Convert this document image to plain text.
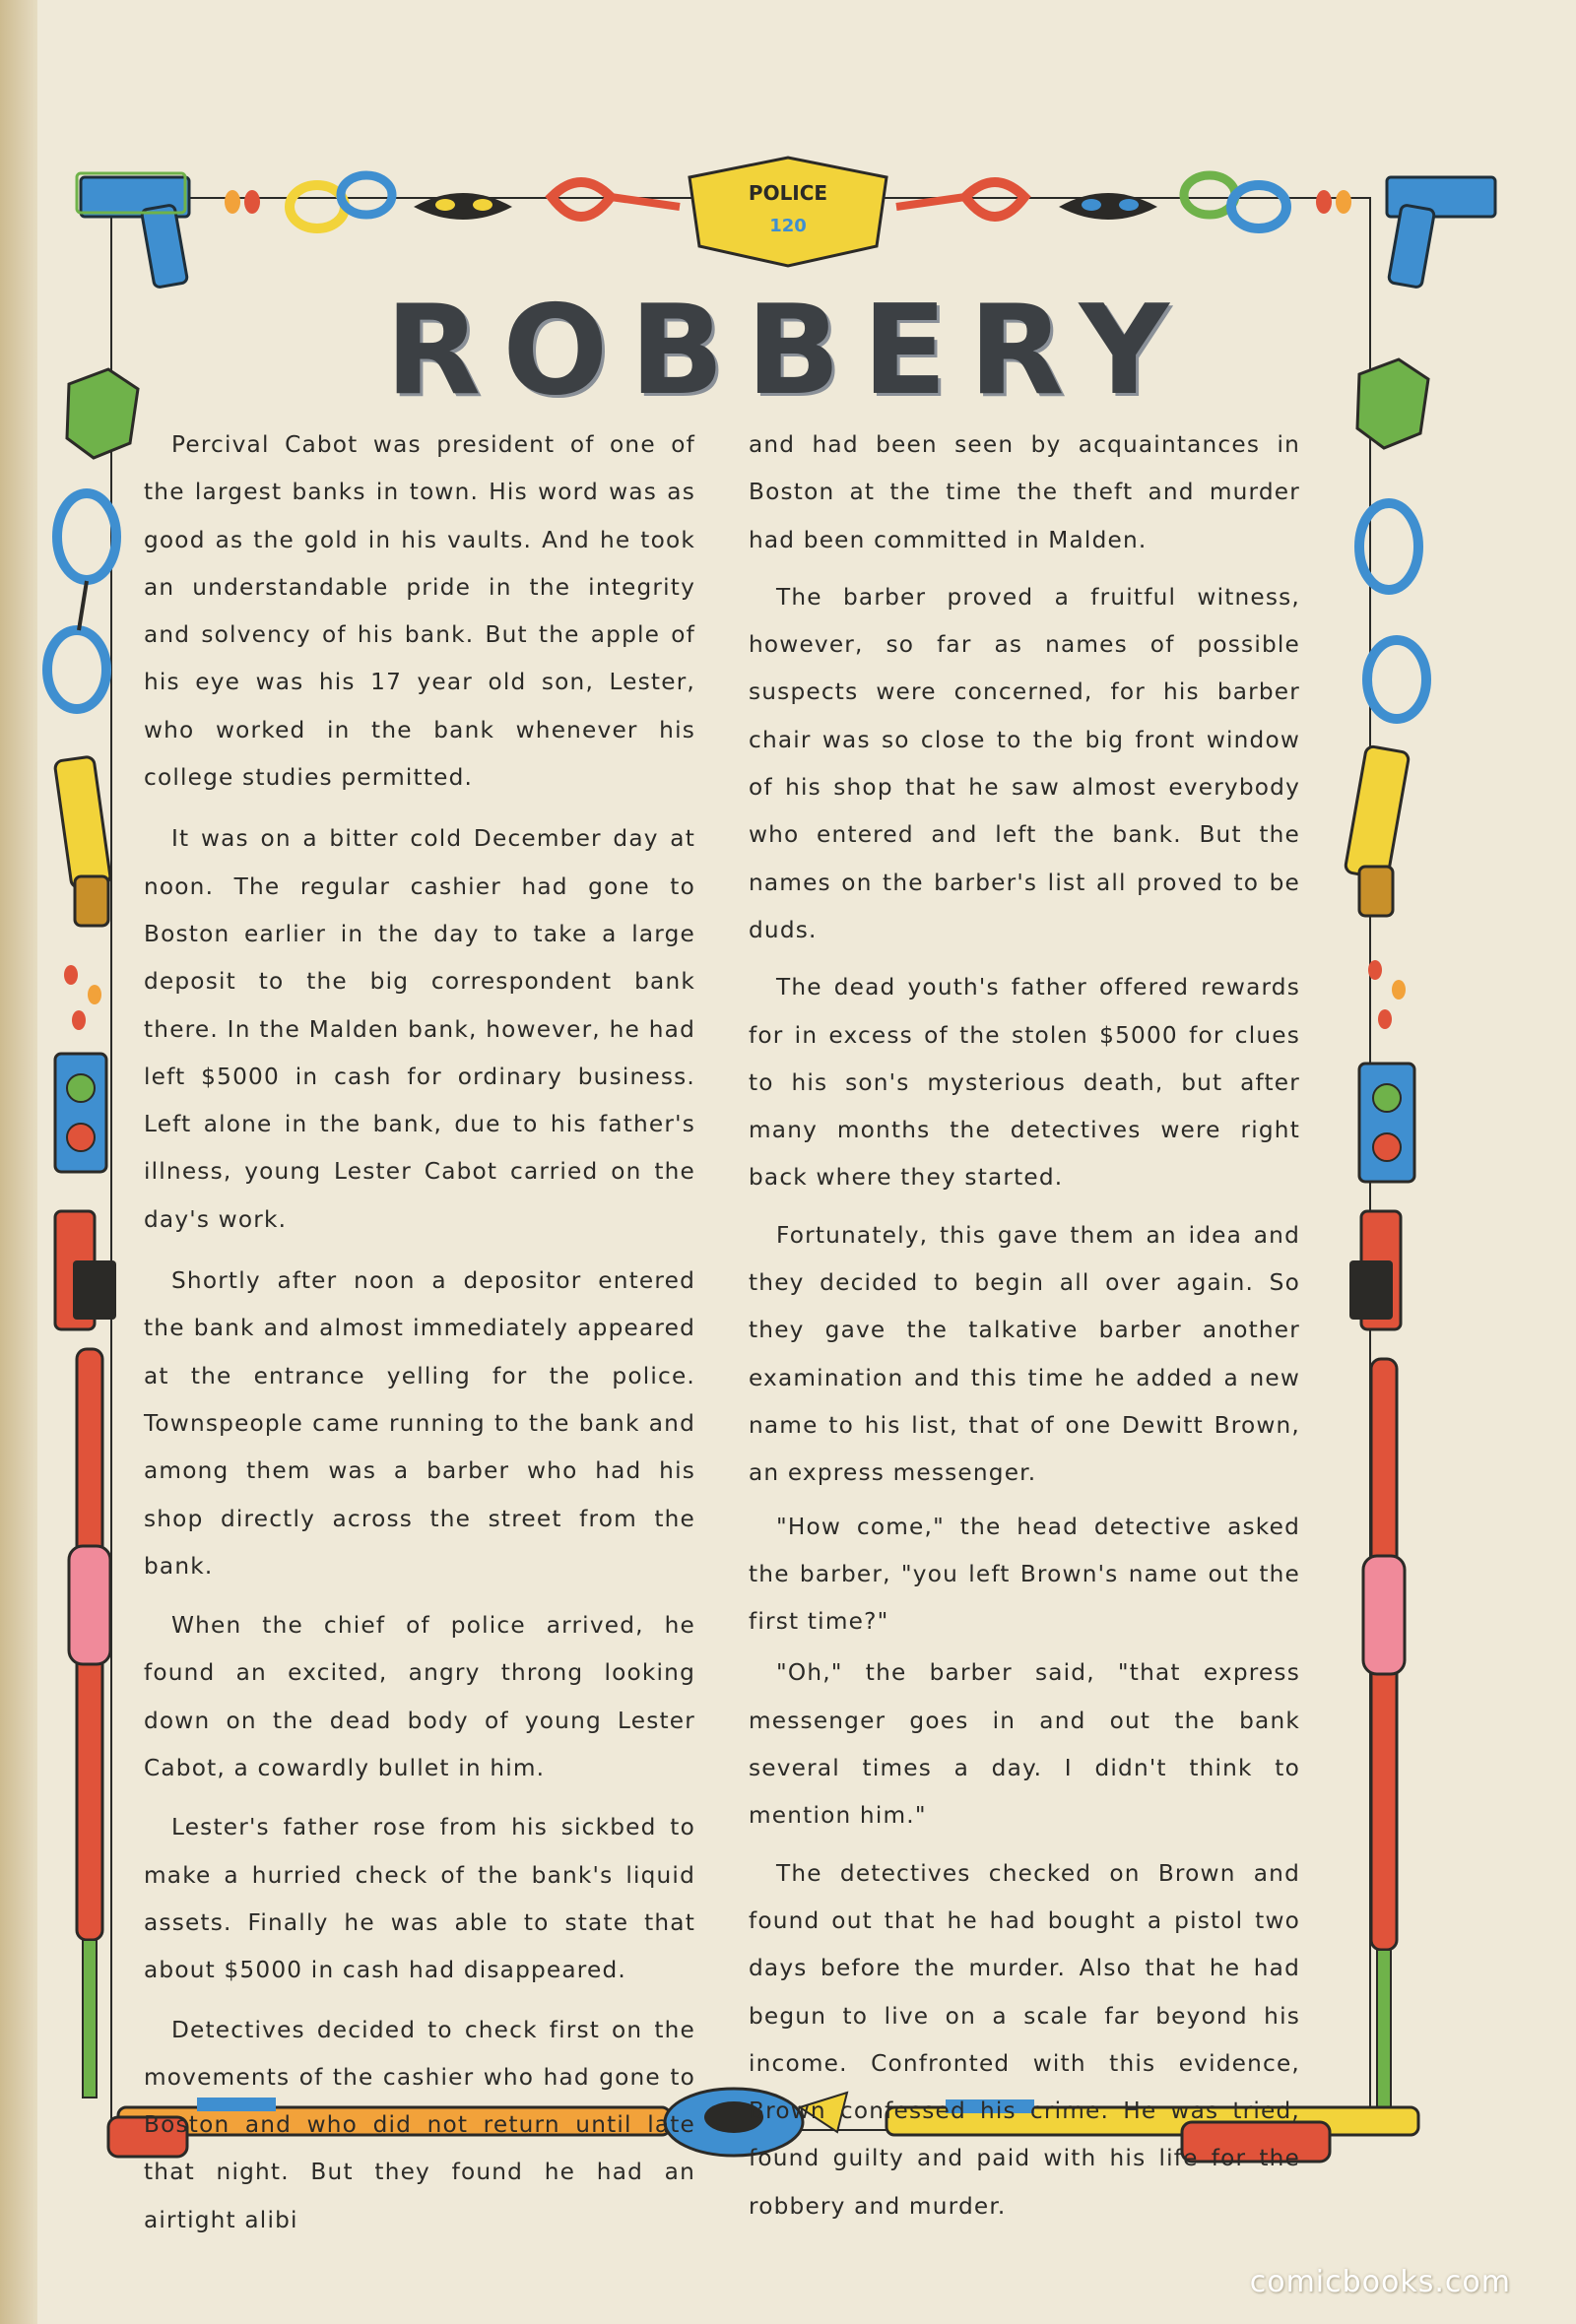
POLICE
120
ROBBERY

Percival Cabot was president of one of the largest banks in town. His word was as good as the gold in his vaults. And he took an understandable pride in the integrity and solvency of his bank. But the apple of his eye was his 17 year old son, Lester, who worked in the bank whenever his college studies permitted.

It was on a bitter cold December day at noon. The regular cashier had gone to Boston earlier in the day to take a large deposit to the big correspondent bank there. In the Malden bank, however, he had left $5000 in cash for ordinary business. Left alone in the bank, due to his father's illness, young Lester Cabot carried on the day's work.

Shortly after noon a depositor entered the bank and almost immediately appeared at the entrance yelling for the police. Townspeople came running to the bank and among them was a barber who had his shop directly across the street from the bank.

When the chief of police arrived, he found an excited, angry throng looking down on the dead body of young Lester Cabot, a cowardly bullet in him.

Lester's father rose from his sickbed to make a hurried check of the bank's liquid assets. Finally he was able to state that about $5000 in cash had disappeared.

Detectives decided to check first on the movements of the cashier who had gone to Boston and who did not return until late that night. But they found he had an airtight alibi

and had been seen by acquaintances in Boston at the time the theft and murder had been committed in Malden.

The barber proved a fruitful witness, however, so far as names of possible suspects were concerned, for his barber chair was so close to the big front window of his shop that he saw almost everybody who entered and left the bank. But the names on the barber's list all proved to be duds.

The dead youth's father offered rewards for in excess of the stolen $5000 for clues to his son's mysterious death, but after many months the detectives were right back where they started.

Fortunately, this gave them an idea and they decided to begin all over again. So they gave the talkative barber another examination and this time he added a new name to his list, that of one Dewitt Brown, an express messenger.

"How come," the head detective asked the barber, "you left Brown's name out the first time?"

"Oh," the barber said, "that express messenger goes in and out the bank several times a day. I didn't think to mention him."

The detectives checked on Brown and found out that he had bought a pistol two days before the murder. Also that he had begun to live on a scale far beyond his income. Confronted with this evidence, Brown confessed his crime. He was tried, found guilty and paid with his life for the robbery and murder.

comicbooks.com
